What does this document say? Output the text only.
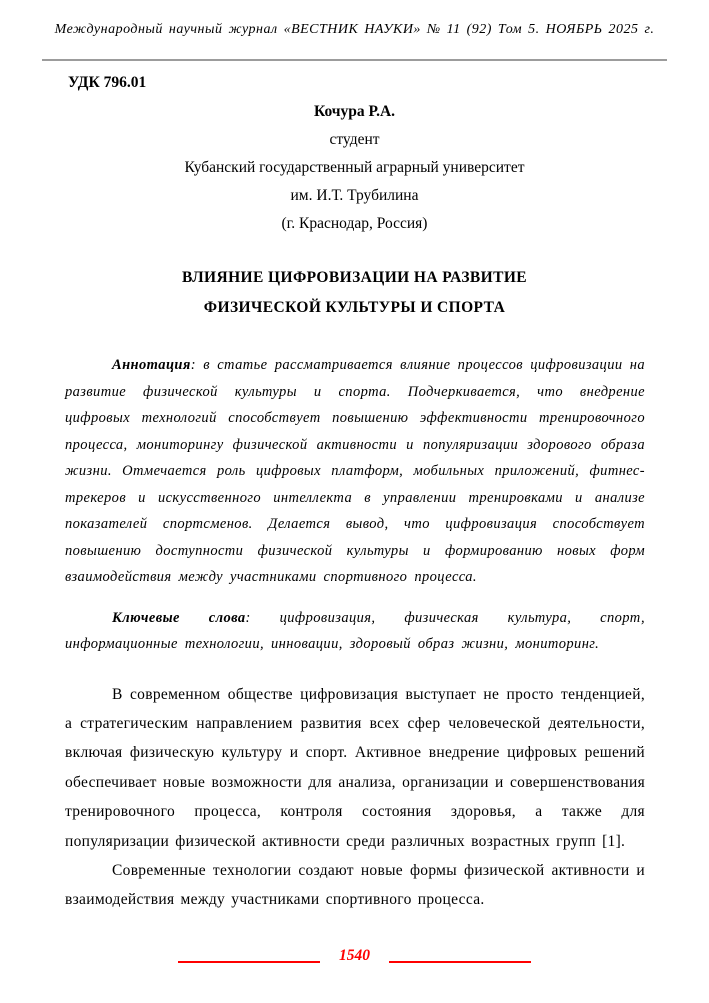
Международный научный журнал «ВЕСТНИК НАУКИ» № 11 (92) Том 5. НОЯБРЬ 2025 г.
УДК 796.01

Кочура Р.А.

студент

Кубанский государственный аграрный университет

им. И.Т. Трубилина

(г. Краснодар, Россия)

ВЛИЯНИЕ ЦИФРОВИЗАЦИИ НА РАЗВИТИЕ

ФИЗИЧЕСКОЙ КУЛЬТУРЫ И СПОРТА

Аннотация: в статье рассматривается влияние процессов цифровизации на развитие физической культуры и спорта. Подчеркивается, что внедрение цифровых технологий способствует повышению эффективности тренировочного процесса, мониторингу физической активности и популяризации здорового образа жизни. Отмечается роль цифровых платформ, мобильных приложений, фитнес-трекеров и искусственного интеллекта в управлении тренировками и анализе показателей спортсменов. Делается вывод, что цифровизация способствует повышению доступности физической культуры и формированию новых форм взаимодействия между участниками спортивного процесса.

Ключевые слова: цифровизация, физическая культура, спорт, информационные технологии, инновации, здоровый образ жизни, мониторинг.

В современном обществе цифровизация выступает не просто тенденцией, а стратегическим направлением развития всех сфер человеческой деятельности, включая физическую культуру и спорт. Активное внедрение цифровых решений обеспечивает новые возможности для анализа, организации и совершенствования тренировочного процесса, контроля состояния здоровья, а также для популяризации физической активности среди различных возрастных групп [1].

Современные технологии создают новые формы физической активности и взаимодействия между участниками спортивного процесса.

1540
